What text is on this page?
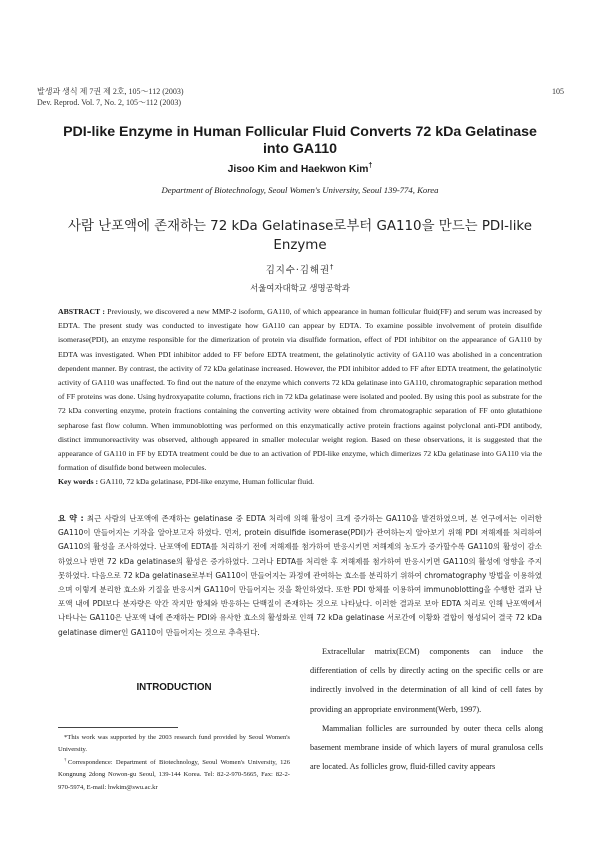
발생과 생식 제 7권 제 2호, 105～112 (2003)
Dev. Reprod. Vol. 7, No. 2, 105～112 (2003)
105
PDI-like Enzyme in Human Follicular Fluid Converts 72 kDa Gelatinase
into GA110
Jisoo Kim and Haekwon Kim†
Department of Biotechnology, Seoul Women's University, Seoul 139-774, Korea
사람 난포액에 존재하는 72 kDa Gelatinase로부터 GA110을 만드는 PDI-like
Enzyme
김지수·김해권†
서울여자대학교 생명공학과

ABSTRACT : Previously, we discovered a new MMP-2 isoform, GA110, of which appearance in human follicular fluid(FF) and serum was increased by EDTA. The present study was conducted to investigate how GA110 can appear by EDTA. To examine possible involvement of protein disulfide isomerase(PDI), an enzyme responsible for the dimerization of protein via disulfide formation, effect of PDI inhibitor on the appearance of GA110 by EDTA was investigated. When PDI inhibitor added to FF before EDTA treatment, the gelatinolytic activity of GA110 was abolished in a concentration dependent manner. By contrast, the activity of 72 kDa gelatinase increased. However, the PDI inhibitor added to FF after EDTA treatment, the gelatinolytic activity of GA110 was unaffected. To find out the nature of the enzyme which converts 72 kDa gelatinase into GA110, chromatographic separation method of FF proteins was done. Using hydroxyapatite column, fractions rich in 72 kDa gelatinase were isolated and pooled. By using this pool as substrate for the 72 kDa converting enzyme, protein fractions containing the converting activity were obtained from chromatographic separation of FF onto glutathione sepharose fast flow column. When immunoblotting was performed on this enzymatically active protein fractions against polyclonal anti-PDI antibody, distinct immunoreactivity was observed, although appeared in smaller molecular weight region. Based on these observations, it is suggested that the appearance of GA110 in FF by EDTA treatment could be due to an activation of PDI-like enzyme, which dimerizes 72 kDa gelatinase into GA110 via the formation of disulfide bond between molecules.

Key words : GA110, 72 kDa gelatinase, PDI-like enzyme, Human follicular fluid.

요 약 : 최근 사람의 난포액에 존재하는 gelatinase 중 EDTA 처리에 의해 활성이 크게 증가하는 GA110을 발견하였으며, 본 연구에서는 이러한 GA110이 만들어지는 기작을 알아보고자 하였다. 먼저, protein disulfide isomerase(PDI)가 관여하는지 알아보기 위해 PDI 저해제를 처리하여 GA110의 활성을 조사하였다. 난포액에 EDTA를 처리하기 전에 저해제를 첨가하여 반응시키면 저해제의 농도가 증가할수록 GA110의 활성이 감소하였으나 반면 72 kDa gelatinase의 활성은 증가하였다. 그러나 EDTA를 처리한 후 저해제를 첨가하여 반응시키면 GA110의 활성에 영향을 주지 못하였다. 다음으로 72 kDa gelatinase로부터 GA110이 만들어지는 과정에 관여하는 효소를 분리하기 위하여 chromatography 방법을 이용하였으며 이렇게 분리한 효소와 기질을 반응시켜 GA110이 만들어지는 것을 확인하였다. 또한 PDI 항체를 이용하여 immunoblotting을 수행한 결과 난포액 내에 PDI보다 분자량은 약간 작지만 항체와 반응하는 단백질이 존재하는 것으로 나타났다. 이러한 결과로 보아 EDTA 처리로 인해 난포액에서 나타나는 GA110은 난포액 내에 존재하는 PDI와 유사한 효소의 활성화로 인해 72 kDa gelatinase 서로간에 이황화 결합이 형성되어 결국 72 kDa gelatinase dimer인 GA110이 만들어지는 것으로 추측된다.
INTRODUCTION

*This work was supported by the 2003 research fund provided by Seoul Women's University.

†Correspondence: Department of Biotechnology, Seoul Women's University, 126 Kongnung 2dong Nowon-gu Seoul, 139-144 Korea. Tel: 82-2-970-5665, Fax: 82-2-970-5974, E-mail: hwkim@swu.ac.kr

Extracellular matrix(ECM) components can induce the differentiation of cells by directly acting on the specific cells or are indirectly involved in the determination of all kind of cell fates by providing an appropriate environment(Werb, 1997).

Mammalian follicles are surrounded by outer theca cells along basement membrane inside of which layers of mural granulosa cells are located. As follicles grow, fluid-filled cavity appears
